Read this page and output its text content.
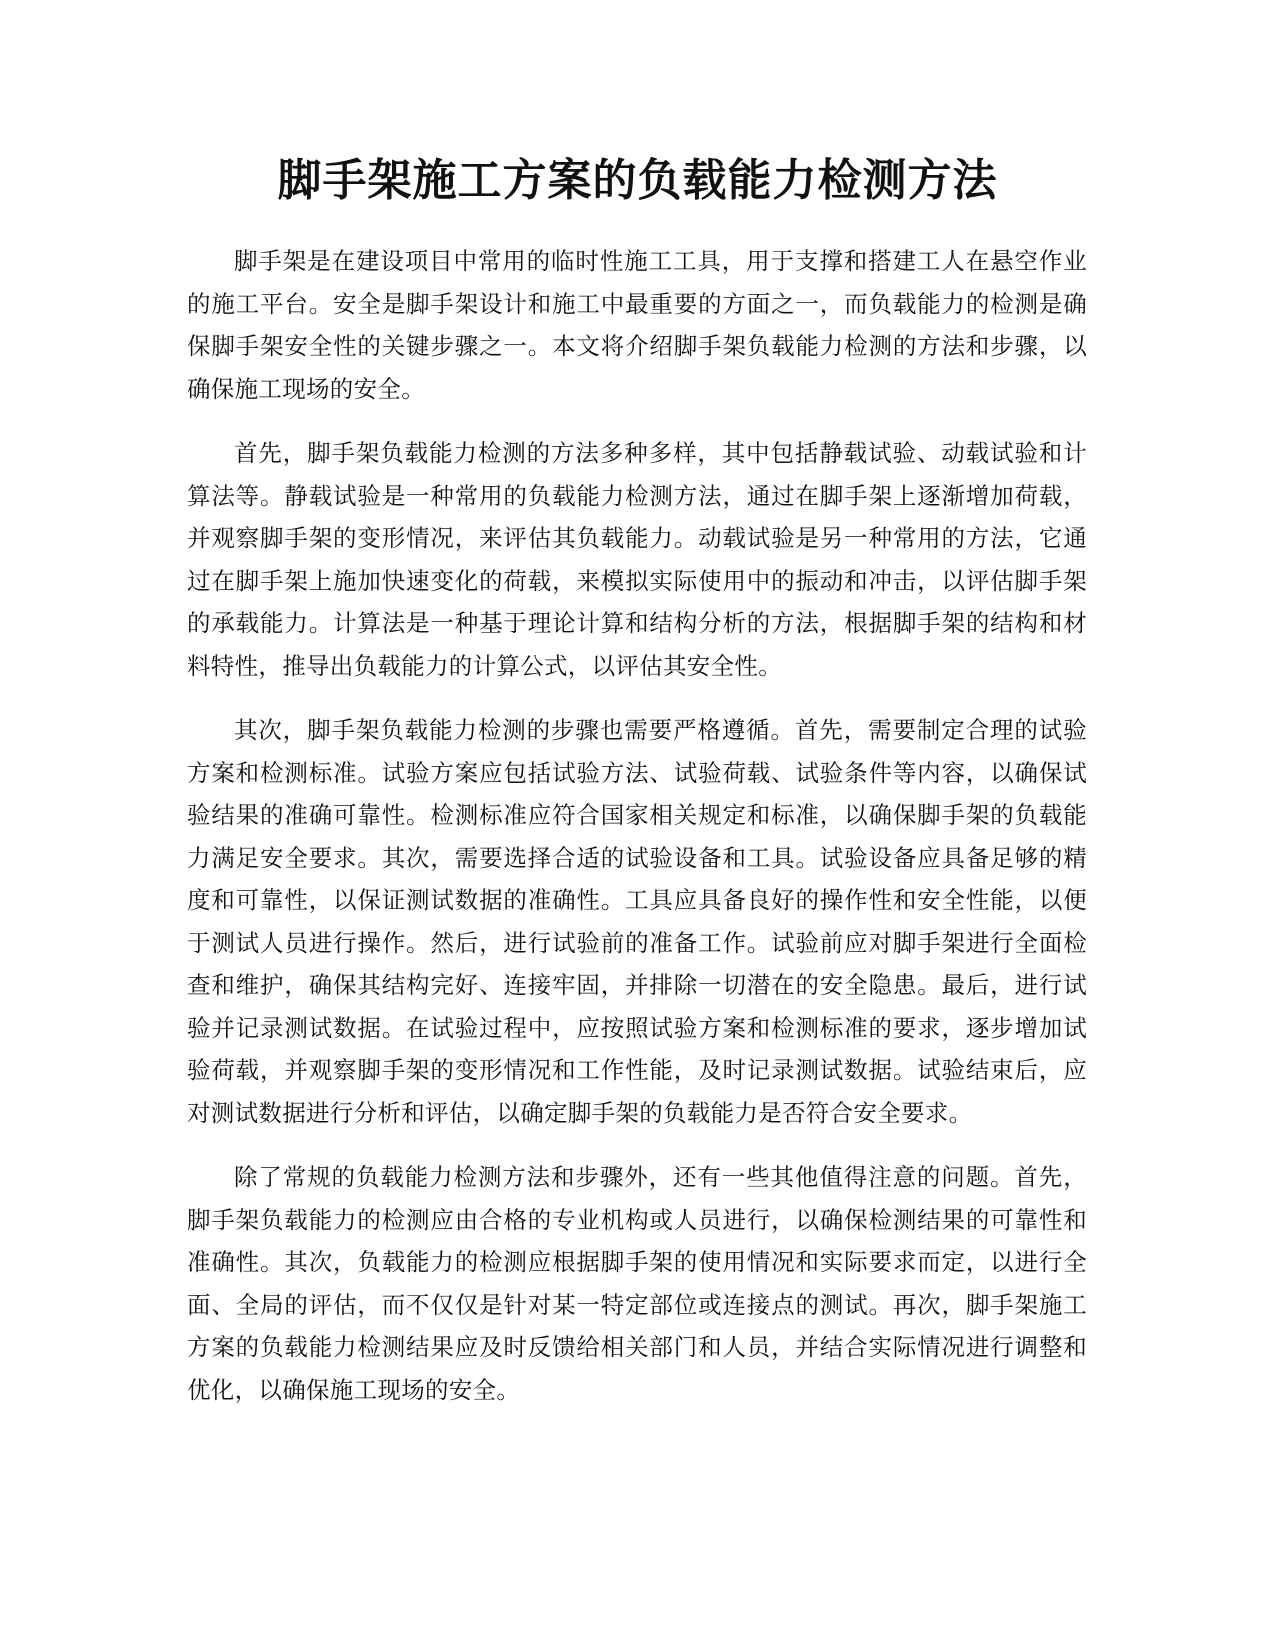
脚手架施工方案的负载能力检测方法

脚手架是在建设项目中常用的临时性施工工具，用于支撑和搭建工人在悬空作业的施工平台。安全是脚手架设计和施工中最重要的方面之一，而负载能力的检测是确保脚手架安全性的关键步骤之一。本文将介绍脚手架负载能力检测的方法和步骤，以确保施工现场的安全。

首先，脚手架负载能力检测的方法多种多样，其中包括静载试验、动载试验和计算法等。静载试验是一种常用的负载能力检测方法，通过在脚手架上逐渐增加荷载，并观察脚手架的变形情况，来评估其负载能力。动载试验是另一种常用的方法，它通过在脚手架上施加快速变化的荷载，来模拟实际使用中的振动和冲击，以评估脚手架的承载能力。计算法是一种基于理论计算和结构分析的方法，根据脚手架的结构和材料特性，推导出负载能力的计算公式，以评估其安全性。

其次，脚手架负载能力检测的步骤也需要严格遵循。首先，需要制定合理的试验方案和检测标准。试验方案应包括试验方法、试验荷载、试验条件等内容，以确保试验结果的准确可靠性。检测标准应符合国家相关规定和标准，以确保脚手架的负载能力满足安全要求。其次，需要选择合适的试验设备和工具。试验设备应具备足够的精度和可靠性，以保证测试数据的准确性。工具应具备良好的操作性和安全性能，以便于测试人员进行操作。然后，进行试验前的准备工作。试验前应对脚手架进行全面检查和维护，确保其结构完好、连接牢固，并排除一切潜在的安全隐患。最后，进行试验并记录测试数据。在试验过程中，应按照试验方案和检测标准的要求，逐步增加试验荷载，并观察脚手架的变形情况和工作性能，及时记录测试数据。试验结束后，应对测试数据进行分析和评估，以确定脚手架的负载能力是否符合安全要求。

除了常规的负载能力检测方法和步骤外，还有一些其他值得注意的问题。首先，脚手架负载能力的检测应由合格的专业机构或人员进行，以确保检测结果的可靠性和准确性。其次，负载能力的检测应根据脚手架的使用情况和实际要求而定，以进行全面、全局的评估，而不仅仅是针对某一特定部位或连接点的测试。再次，脚手架施工方案的负载能力检测结果应及时反馈给相关部门和人员，并结合实际情况进行调整和优化，以确保施工现场的安全。
